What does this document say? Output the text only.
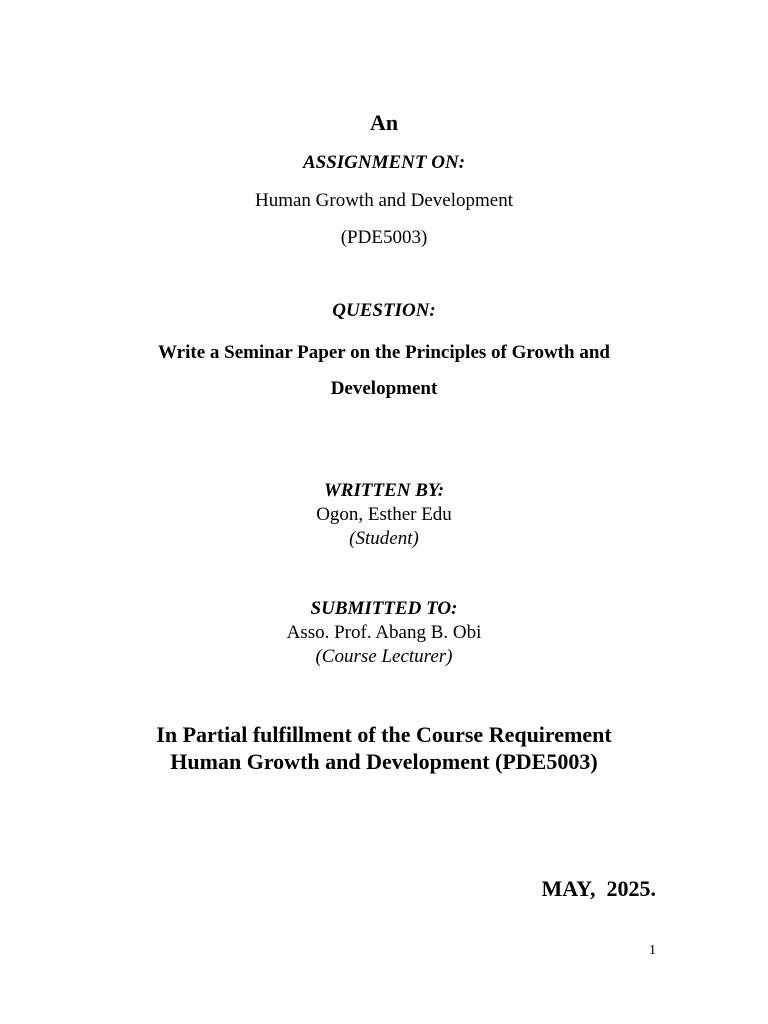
An
ASSIGNMENT ON:
Human Growth and Development
(PDE5003)
QUESTION:
Write a Seminar Paper on the Principles of Growth and
Development
WRITTEN BY:
Ogon, Esther Edu
(Student)
SUBMITTED TO:
Asso. Prof. Abang B. Obi
(Course Lecturer)
In Partial fulfillment of the Course Requirement
Human Growth and Development (PDE5003)
MAY,  2025.
1
